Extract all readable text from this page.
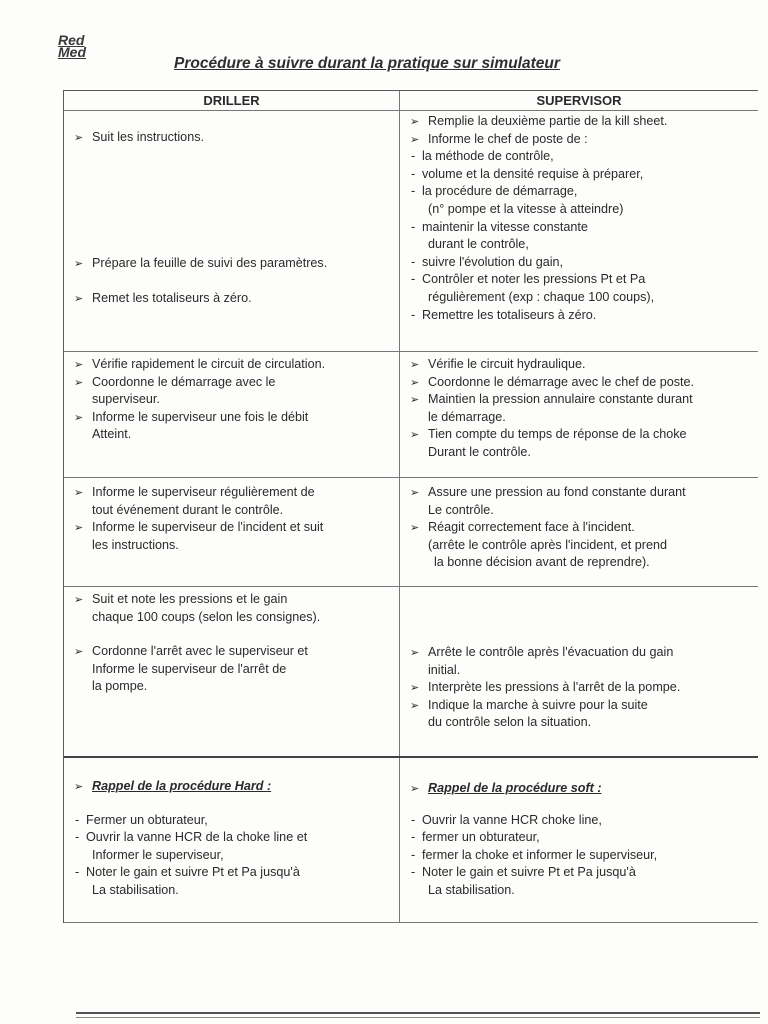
Red
Med
Procédure à suivre durant la pratique sur simulateur
DRILLER	SUPERVISOR
➢ Suit les instructions.
➢ Prépare la feuille de suivi des paramètres.
➢ Remet les totaliseurs à zéro.
➢ Remplie la deuxième partie de la kill sheet.
➢ Informe le chef de poste de :
- la méthode de contrôle,
- volume et la densité requise à préparer,
- la procédure de démarrage,
(n° pompe et la vitesse à atteindre)
- maintenir la vitesse constante
durant le contrôle,
- suivre l'évolution du gain,
- Contrôler et noter les pressions Pt et Pa
régulièrement (exp : chaque 100 coups),
- Remettre les totaliseurs à zéro.
➢ Vérifie rapidement le circuit de circulation.
➢ Coordonne le démarrage avec le
superviseur.
➢ Informe le superviseur une fois le débit
Atteint.
➢ Vérifie le circuit hydraulique.
➢ Coordonne le démarrage avec le chef de poste.
➢ Maintien la pression annulaire constante durant
le démarrage.
➢ Tien compte du temps de réponse de la choke
Durant le contrôle.
➢ Informe le superviseur régulièrement de
tout événement durant le contrôle.
➢ Informe le superviseur de l'incident et suit
les instructions.
➢ Assure une pression au fond constante durant
Le contrôle.
➢ Réagit correctement face à l'incident.
(arrête le contrôle après l'incident, et prend
la bonne décision avant de reprendre).
➢ Suit et note les pressions et le gain
chaque 100 coups (selon les consignes).
➢ Cordonne l'arrêt avec le superviseur et
Informe le superviseur de l'arrêt de
la pompe.
➢ Arrête le contrôle après l'évacuation du gain
initial.
➢ Interprète les pressions à l'arrêt de la pompe.
➢ Indique la marche à suivre pour la suite
du contrôle selon la situation.
➢ Rappel de la procédure Hard :
- Fermer un obturateur,
- Ouvrir la vanne HCR de la choke line et
Informer le superviseur,
- Noter le gain et suivre Pt et Pa jusqu'à
La stabilisation.
➢ Rappel de la procédure soft :
- Ouvrir la vanne HCR choke line,
- fermer un obturateur,
- fermer la choke et informer le superviseur,
- Noter le gain et suivre Pt et Pa jusqu'à
La stabilisation.
